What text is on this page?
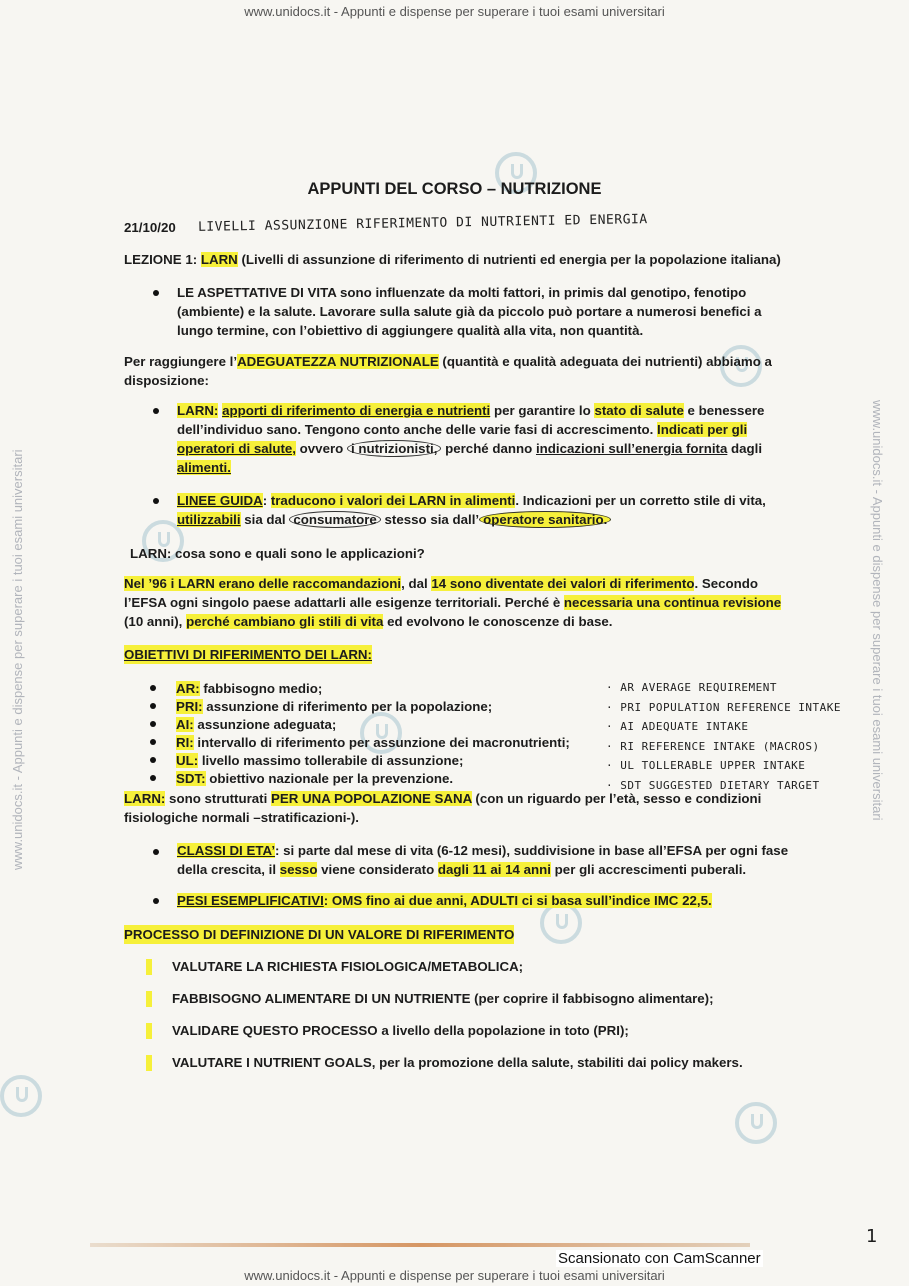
www.unidocs.it - Appunti e dispense per superare i tuoi esami universitari
www.unidocs.it - Appunti e dispense per superare i tuoi esami universitari
www.unidocs.it - Appunti e dispense per superare i tuoi esami universitari	www.unidocs.it - Appunti e dispense per superare i tuoi esami universitari
APPUNTI DEL CORSO – NUTRIZIONE
21/10/20 LIVELLI ASSUNZIONE RIFERIMENTO DI NUTRIENTI ED ENERGIA
LEZIONE 1: LARN (Livelli di assunzione di riferimento di nutrienti ed energia per la popolazione italiana)
LE ASPETTATIVE DI VITA sono influenzate da molti fattori, in primis dal genotipo, fenotipo
(ambiente) e la salute. Lavorare sulla salute già da piccolo può portare a numerosi benefici a
lungo termine, con l’obiettivo di aggiungere qualità alla vita, non quantità.
Per raggiungere l’ADEGUATEZZA NUTRIZIONALE (quantità e qualità adeguata dei nutrienti) abbiamo a
disposizione:
LARN: apporti di riferimento di energia e nutrienti per garantire lo stato di salute e benessere
dell’individuo sano. Tengono conto anche delle varie fasi di accrescimento. Indicati per gli
operatori di salute, ovvero i nutrizionisti, perché danno indicazioni sull’energia fornita dagli
alimenti.
LINEE GUIDA: traducono i valori dei LARN in alimenti. Indicazioni per un corretto stile di vita,
utilizzabili sia dal consumatore stesso sia dall’ operatore sanitario.
LARN: cosa sono e quali sono le applicazioni?
Nel ’96 i LARN erano delle raccomandazioni, dal 14 sono diventate dei valori di riferimento. Secondo
l’EFSA ogni singolo paese adattarli alle esigenze territoriali. Perché è necessaria una continua revisione
(10 anni), perché cambiano gli stili di vita ed evolvono le conoscenze di base.
OBIETTIVI DI RIFERIMENTO DEI LARN:
AR: fabbisogno medio;
PRI: assunzione di riferimento per la popolazione;
AI: assunzione adeguata;
RI: intervallo di riferimento per assunzione dei macronutrienti;
UL: livello massimo tollerabile di assunzione;
SDT: obiettivo nazionale per la prevenzione.
· AR AVERAGE REQUIREMENT
· PRI POPULATION REFERENCE INTAKE
· AI ADEQUATE INTAKE
· RI REFERENCE INTAKE (MACROS)
· UL TOLLERABLE UPPER INTAKE
· SDT SUGGESTED DIETARY TARGET
LARN: sono strutturati PER UNA POPOLAZIONE SANA (con un riguardo per l’età, sesso e condizioni
fisiologiche normali –stratificazioni-).
CLASSI DI ETA’: si parte dal mese di vita (6-12 mesi), suddivisione in base all’EFSA per ogni fase
della crescita, il sesso viene considerato dagli 11 ai 14 anni per gli accrescimenti puberali.
PESI ESEMPLIFICATIVI: OMS fino ai due anni, ADULTI ci si basa sull’indice IMC 22,5.
PROCESSO DI DEFINIZIONE DI UN VALORE DI RIFERIMENTO
VALUTARE LA RICHIESTA FISIOLOGICA/METABOLICA;
FABBISOGNO ALIMENTARE DI UN NUTRIENTE (per coprire il fabbisogno alimentare);
VALIDARE QUESTO PROCESSO a livello della popolazione in toto (PRI);
VALUTARE I NUTRIENT GOALS, per la promozione della salute, stabiliti dai policy makers.
1
Scansionato con CamScanner
